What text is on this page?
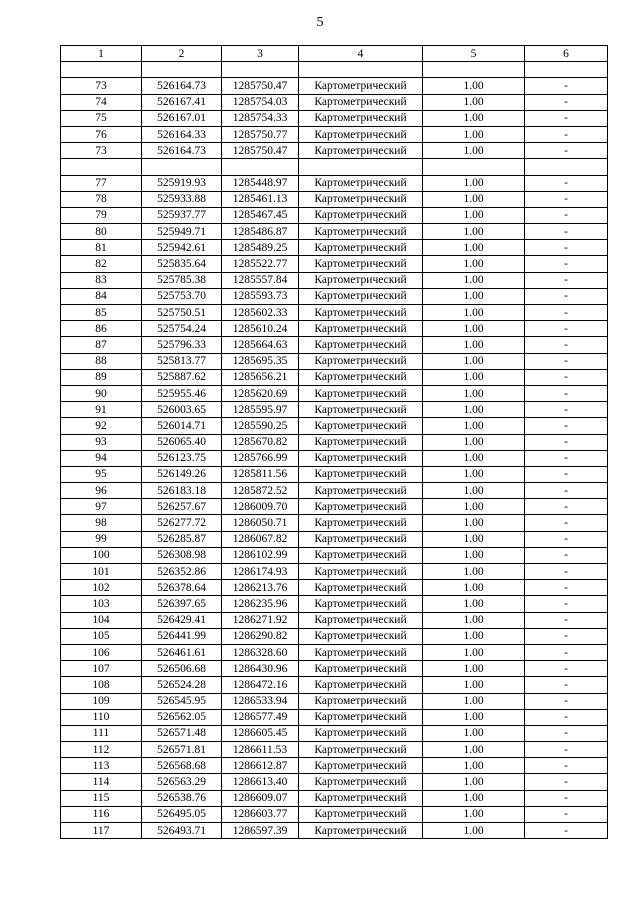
5
1	2	3	4	5	6

73	526164.73	1285750.47	Картометрический	1.00	-
74	526167.41	1285754.03	Картометрический	1.00	-
75	526167.01	1285754.33	Картометрический	1.00	-
76	526164.33	1285750.77	Картометрический	1.00	-
73	526164.73	1285750.47	Картометрический	1.00	-

77	525919.93	1285448.97	Картометрический	1.00	-
78	525933.88	1285461.13	Картометрический	1.00	-
79	525937.77	1285467.45	Картометрический	1.00	-
80	525949.71	1285486.87	Картометрический	1.00	-
81	525942.61	1285489.25	Картометрический	1.00	-
82	525835.64	1285522.77	Картометрический	1.00	-
83	525785.38	1285557.84	Картометрический	1.00	-
84	525753.70	1285593.73	Картометрический	1.00	-
85	525750.51	1285602.33	Картометрический	1.00	-
86	525754.24	1285610.24	Картометрический	1.00	-
87	525796.33	1285664.63	Картометрический	1.00	-
88	525813.77	1285695.35	Картометрический	1.00	-
89	525887.62	1285656.21	Картометрический	1.00	-
90	525955.46	1285620.69	Картометрический	1.00	-
91	526003.65	1285595.97	Картометрический	1.00	-
92	526014.71	1285590.25	Картометрический	1.00	-
93	526065.40	1285670.82	Картометрический	1.00	-
94	526123.75	1285766.99	Картометрический	1.00	-
95	526149.26	1285811.56	Картометрический	1.00	-
96	526183.18	1285872.52	Картометрический	1.00	-
97	526257.67	1286009.70	Картометрический	1.00	-
98	526277.72	1286050.71	Картометрический	1.00	-
99	526285.87	1286067.82	Картометрический	1.00	-
100	526308.98	1286102.99	Картометрический	1.00	-
101	526352.86	1286174.93	Картометрический	1.00	-
102	526378.64	1286213.76	Картометрический	1.00	-
103	526397.65	1286235.96	Картометрический	1.00	-
104	526429.41	1286271.92	Картометрический	1.00	-
105	526441.99	1286290.82	Картометрический	1.00	-
106	526461.61	1286328.60	Картометрический	1.00	-
107	526506.68	1286430.96	Картометрический	1.00	-
108	526524.28	1286472.16	Картометрический	1.00	-
109	526545.95	1286533.94	Картометрический	1.00	-
110	526562.05	1286577.49	Картометрический	1.00	-
111	526571.48	1286605.45	Картометрический	1.00	-
112	526571.81	1286611.53	Картометрический	1.00	-
113	526568.68	1286612.87	Картометрический	1.00	-
114	526563.29	1286613.40	Картометрический	1.00	-
115	526538.76	1286609.07	Картометрический	1.00	-
116	526495.05	1286603.77	Картометрический	1.00	-
117	526493.71	1286597.39	Картометрический	1.00	-
